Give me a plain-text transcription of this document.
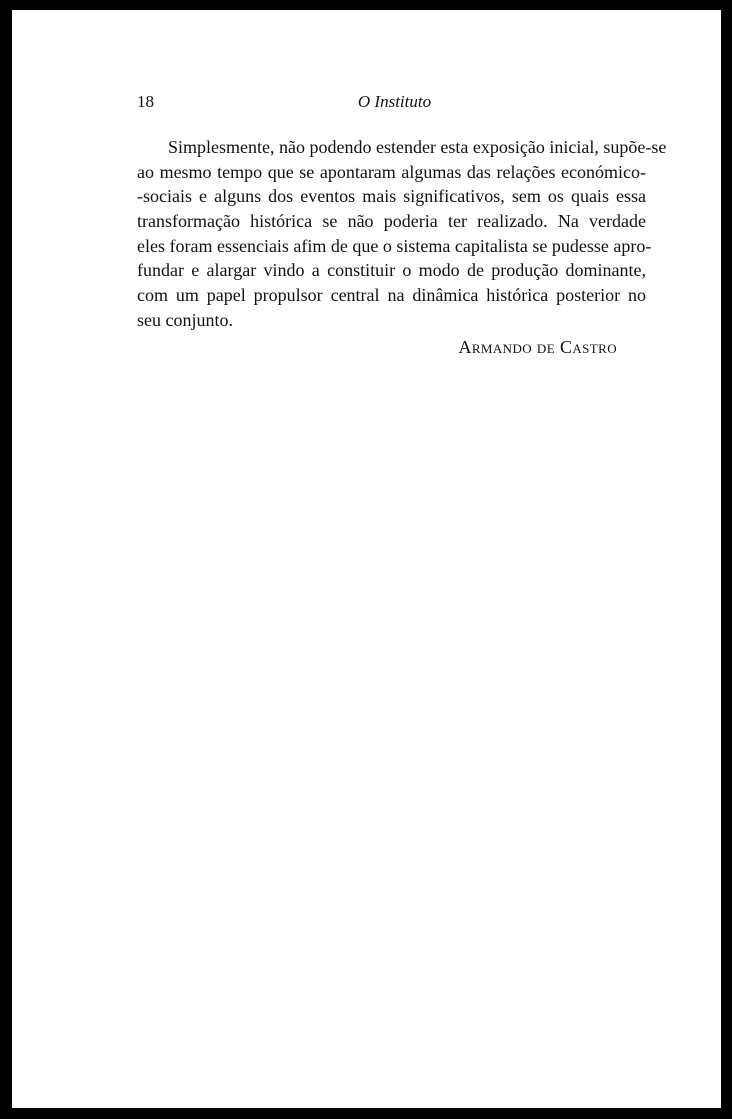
18	O Instituto
Simplesmente, não podendo estender esta exposição inicial, supõe-se
ao mesmo tempo que se apontaram algumas das relações económico-
-sociais e alguns dos eventos mais significativos, sem os quais essa
transformação histórica se não poderia ter realizado. Na verdade
eles foram essenciais afim de que o sistema capitalista se pudesse apro-
fundar e alargar vindo a constituir o modo de produção dominante,
com um papel propulsor central na dinâmica histórica posterior no
seu conjunto.
Armando de Castro
